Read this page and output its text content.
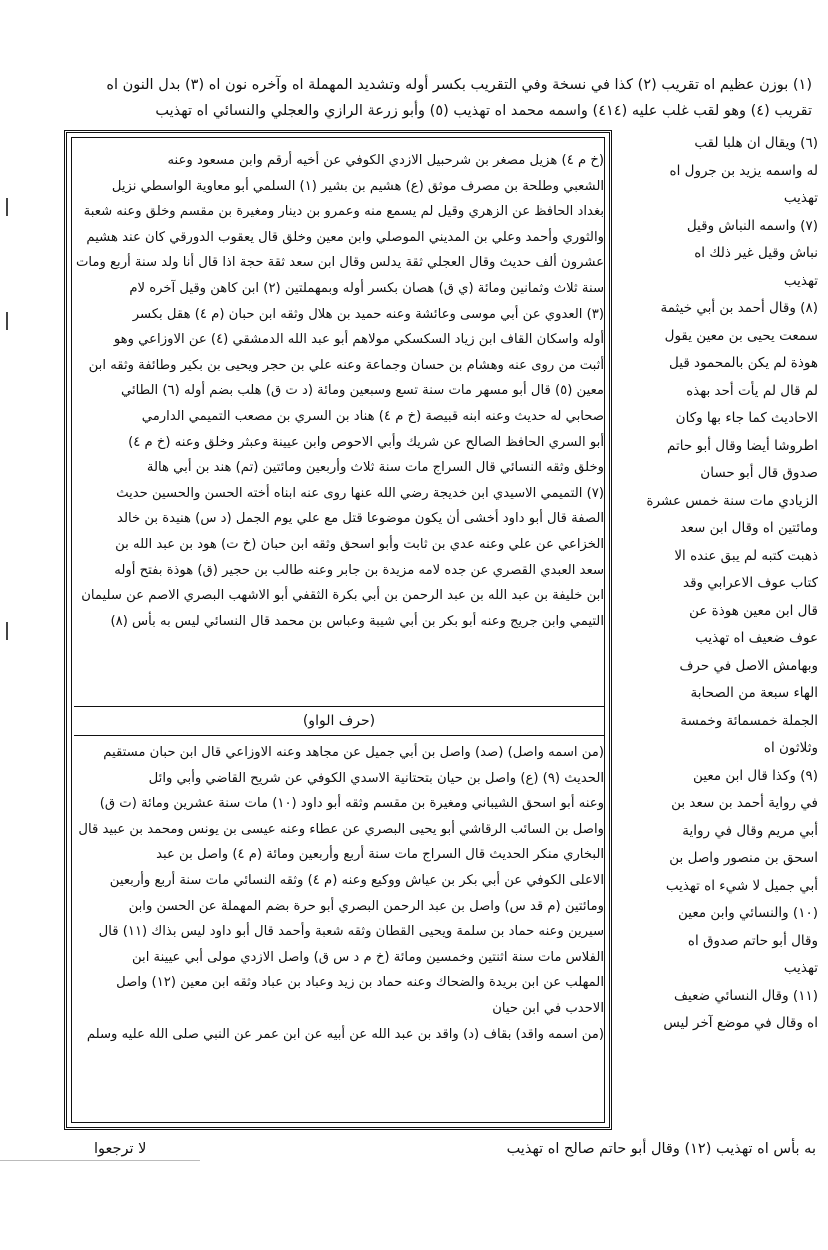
(١) بوزن عظيم اه تقريب (٢) كذا في نسخة وفي التقريب بكسر أوله وتشديد المهملة اه وآخره نون اه (٣) بدل النون اه
تقريب (٤) وهو لقب غلب عليه (٤١٤) واسمه محمد اه تهذيب (٥) وأبو زرعة الرازي والعجلي والنسائي اه تهذيب
(خ م ٤) هزيل مصغر بن شرحبيل الازدي الكوفي عن أخيه أرقم وابن مسعود وعنه
الشعبي وطلحة بن مصرف موثق (ع) هشيم بن بشير (١) السلمي أبو معاوية الواسطي نزيل
بغداد الحافظ عن الزهري وقيل لم يسمع منه وعمرو بن دينار ومغيرة بن مقسم وخلق وعنه شعبة
والثوري وأحمد وعلي بن المديني الموصلي وابن معين وخلق قال يعقوب الدورقي كان عند هشيم
عشرون ألف حديث وقال العجلي ثقة يدلس وقال ابن سعد ثقة حجة اذا قال أنا ولد سنة أربع ومات
سنة ثلاث وثمانين ومائة (ي ق) هصان بكسر أوله وبمهملتين (٢) ابن كاهن وقيل آخره لام
(٣) العدوي عن أبي موسى وعائشة وعنه حميد بن هلال وثقه ابن حبان (م ٤) هقل بكسر
أوله واسكان القاف ابن زياد السكسكي مولاهم أبو عبد الله الدمشقي (٤) عن الاوزاعي وهو
أثبت من روى عنه وهشام بن حسان وجماعة وعنه علي بن حجر ويحيى بن بكير وطائفة وثقه ابن
معين (٥) قال أبو مسهر مات سنة تسع وسبعين ومائة (د ت ق) هلب بضم أوله (٦) الطائي
صحابي له حديث وعنه ابنه قبيصة (خ م ٤) هناد بن السري بن مصعب التميمي الدارمي
أبو السري الحافظ الصالح عن شريك وأبي الاحوص وابن عيينة وعبثر وخلق وعنه (خ م ٤)
وخلق وثقه النسائي قال السراج مات سنة ثلاث وأربعين ومائتين (تم) هند بن أبي هالة
(٧) التميمي الاسيدي ابن خديجة رضي الله عنها روى عنه ابناه أخته الحسن والحسين حديث
الصفة قال أبو داود أخشى أن يكون موضوعا قتل مع علي يوم الجمل (د س) هنيدة بن خالد
الخزاعي عن علي وعنه عدي بن ثابت وأبو اسحق وثقه ابن حبان (خ ت) هود بن عبد الله بن
سعد العبدي القصري عن جده لامه مزيدة بن جابر وعنه طالب بن حجير (ق) هوذة بفتح أوله
ابن خليفة بن عبد الله بن عبد الرحمن بن أبي بكرة الثقفي أبو الاشهب البصري الاصم عن سليمان
التيمي وابن جريج وعنه أبو بكر بن أبي شيبة وعباس بن محمد قال النسائي ليس به بأس (٨)
(حرف الواو)
(من اسمه واصل) (صد) واصل بن أبي جميل عن مجاهد وعنه الاوزاعي قال ابن حبان مستقيم
الحديث (٩) (ع) واصل بن حيان بتحتانية الاسدي الكوفي عن شريح القاضي وأبي وائل
وعنه أبو اسحق الشيباني ومغيرة بن مقسم وثقه أبو داود (١٠) مات سنة عشرين ومائة (ت ق)
واصل بن السائب الرقاشي أبو يحيى البصري عن عطاء وعنه عيسى بن يونس ومحمد بن عبيد قال
البخاري منكر الحديث قال السراج مات سنة أربع وأربعين ومائة (م ٤) واصل بن عبد
الاعلى الكوفي عن أبي بكر بن عياش ووكيع وعنه (م ٤) وثقه النسائي مات سنة أربع وأربعين
ومائتين (م قد س) واصل بن عبد الرحمن البصري أبو حرة بضم المهملة عن الحسن وابن
سيرين وعنه حماد بن سلمة ويحيى القطان وثقه شعبة وأحمد قال أبو داود ليس بذاك (١١) قال
الفلاس مات سنة اثنتين وخمسين ومائة (خ م د س ق) واصل الازدي مولى أبي عيينة ابن
المهلب عن ابن بريدة والضحاك وعنه حماد بن زيد وعباد بن عباد وثقه ابن معين (١٢) واصل
الاحدب في ابن حيان
(من اسمه واقد) بقاف (د) واقد بن عبد الله عن أبيه عن ابن عمر عن النبي صلى الله عليه وسلم
(٦) ويقال ان هلبا لقب
له واسمه يزيد بن جرول اه
تهذيب
(٧) واسمه النباش وقيل
نباش وقيل غير ذلك اه
تهذيب
(٨) وقال أحمد بن أبي خيثمة
سمعت يحيى بن معين يقول
هوذة لم يكن بالمحمود قيل
لم قال لم يأت أحد بهذه
الاحاديث كما جاء بها وكان
اطروشا أيضا وقال أبو حاتم
صدوق قال أبو حسان
الزيادي مات سنة خمس عشرة
ومائتين اه وقال ابن سعد
ذهبت كتبه لم يبق عنده الا
كتاب عوف الاعرابي وقد
قال ابن معين هوذة عن
عوف ضعيف اه تهذيب
وبهامش الاصل في حرف
الهاء سبعة من الصحابة
الجملة خمسمائة وخمسة
وثلاثون اه
(٩) وكذا قال ابن معين
في رواية أحمد بن سعد بن
أبي مريم وقال في رواية
اسحق بن منصور واصل بن
أبي جميل لا شيء اه تهذيب
(١٠) والنسائي وابن معين
وقال أبو حاتم صدوق اه
تهذيب
(١١) وقال النسائي ضعيف
اه وقال في موضع آخر ليس
به بأس اه تهذيب (١٢) وقال أبو حاتم صالح اه تهذيب
لا ترجعوا
